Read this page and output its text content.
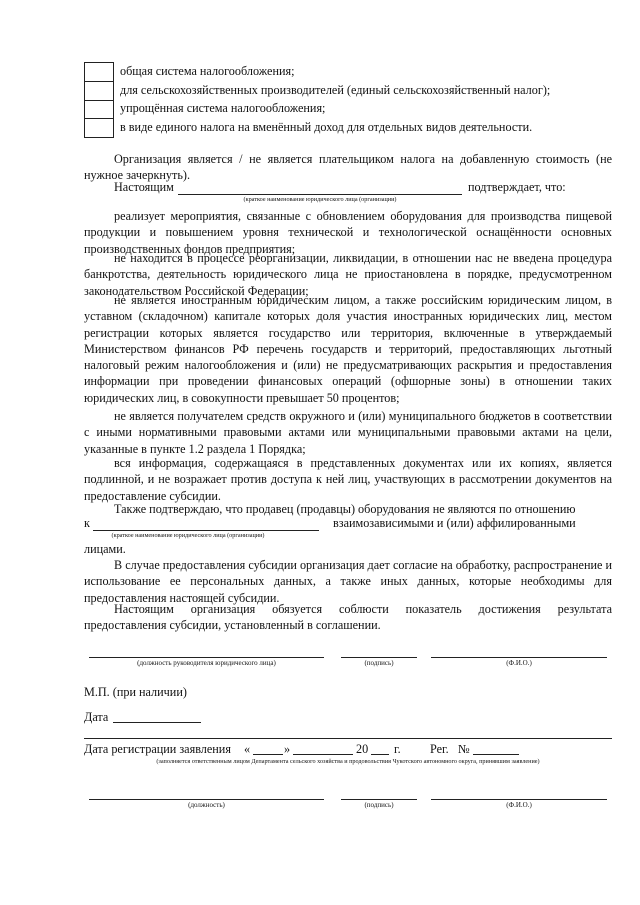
общая система налогообложения;
для сельскохозяйственных производителей (единый сельскохозяйственный налог);
упрощённая система налогообложения;
в виде единого налога на вменённый доход для отдельных видов деятельности.
Организация является / не является плательщиком налога на добавленную стоимость (не нужное зачеркнуть).
Настоящим	подтверждает, что:
(краткое наименование юридического лица (организации)
реализует мероприятия, связанные с обновлением оборудования для производства пищевой продукции и повышением уровня технической и технологической оснащённости основных производственных фондов предприятия;
не находится в процессе реорганизации, ликвидации, в отношении нас не введена процедура банкротства, деятельность юридического лица не приостановлена в порядке, предусмотренном законодательством Российской Федерации;
не является иностранным юридическим лицом, а также российским юридическим лицом, в уставном (складочном) капитале которых доля участия иностранных юридических лиц, местом регистрации которых является государство или территория, включенные в утверждаемый Министерством финансов РФ перечень государств и территорий, предоставляющих льготный налоговый режим налогообложения и (или) не предусматривающих раскрытия и предоставления информации при проведении финансовых операций (офшорные зоны) в отношении таких юридических лиц, в совокупности превышает 50 процентов;
не является получателем средств окружного и (или) муниципального бюджетов в соответствии с иными нормативными правовыми актами или муниципальными правовыми актами на цели, указанные в пункте 1.2 раздела 1 Порядка;
вся информация, содержащаяся в представленных документах или их копиях, является подлинной, и не возражает против доступа к ней лиц, участвующих в рассмотрении документов на предоставление субсидии.
Также подтверждаю, что продавец (продавцы) оборудования не являются по отношению
к	взаимозависимыми и (или) аффилированными
(краткое наименование юридического лица (организации)
лицами.
В случае предоставления субсидии организация дает согласие на обработку, распространение и использование ее персональных данных, а также иных данных, которые необходимы для предоставления настоящей субсидии.
Настоящим организация обязуется соблюсти показатель достижения результата предоставления субсидии, установленный в соглашении.
(должность руководителя юридического лица)	(подпись)	(Ф.И.О.)
М.П. (при наличии)
Дата
Дата регистрации заявления «	»	20 г. Рег. №
(заполняется ответственным лицом Департамента сельского хозяйства и продовольствия Чукотского автономного округа, принявшим заявление)
(должность)	(подпись)	(Ф.И.О.)
